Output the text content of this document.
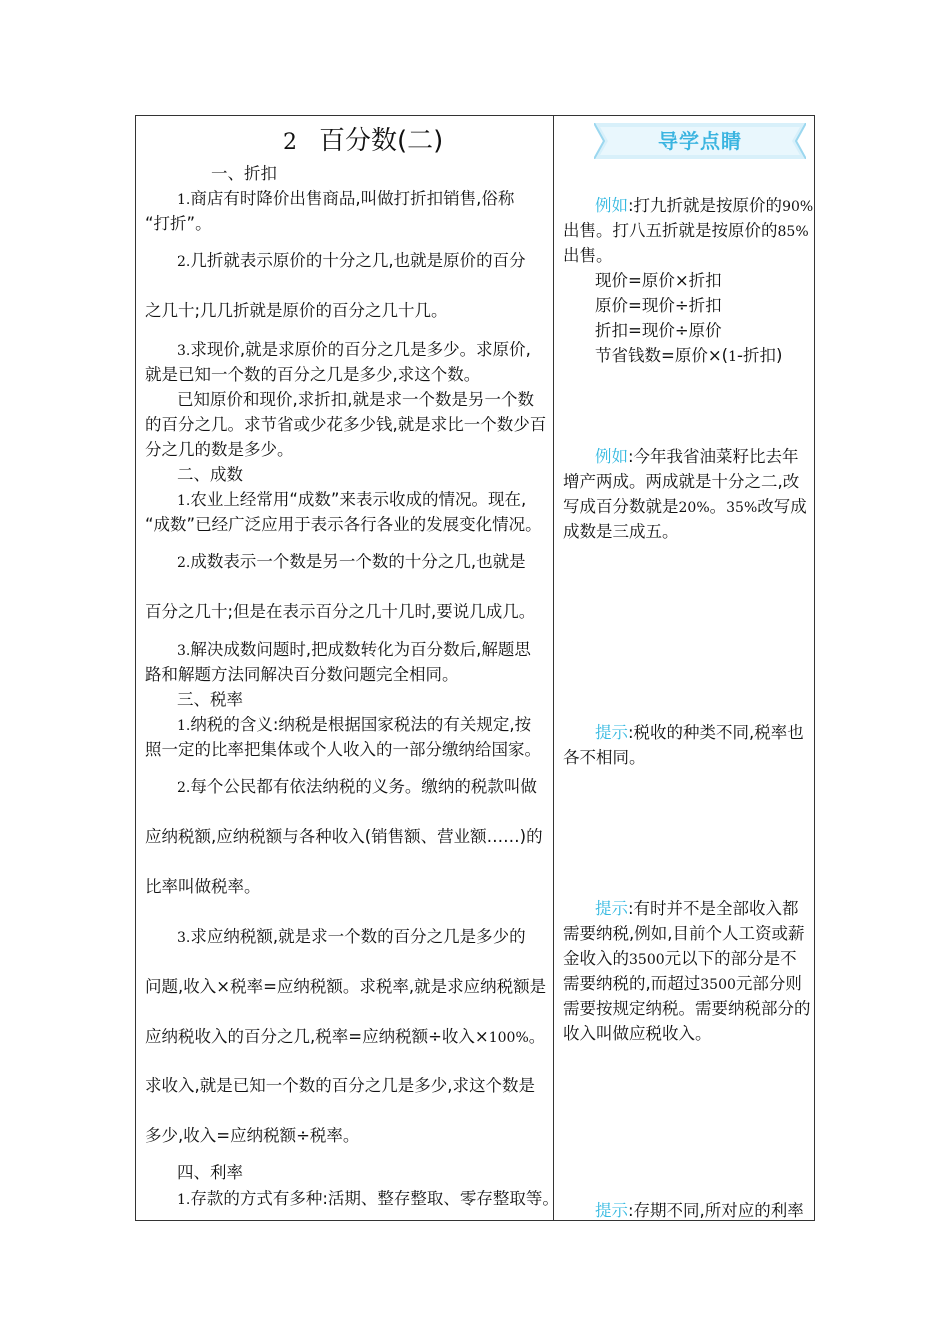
2 百分数(二)	导学点睛
一、折扣
1.商店有时降价出售商品,叫做打折扣销售,俗称
“打折”。
2.几折就表示原价的十分之几,也就是原价的百分
之几十;几几折就是原价的百分之几十几。
3.求现价,就是求原价的百分之几是多少。求原价,
就是已知一个数的百分之几是多少,求这个数。
已知原价和现价,求折扣,就是求一个数是另一个数
的百分之几。求节省或少花多少钱,就是求比一个数少百
分之几的数是多少。
二、成数
1.农业上经常用“成数”来表示收成的情况。现在,
“成数”已经广泛应用于表示各行各业的发展变化情况。
2.成数表示一个数是另一个数的十分之几,也就是
百分之几十;但是在表示百分之几十几时,要说几成几。
3.解决成数问题时,把成数转化为百分数后,解题思
路和解题方法同解决百分数问题完全相同。
三、税率
1.纳税的含义:纳税是根据国家税法的有关规定,按
照一定的比率把集体或个人收入的一部分缴纳给国家。
2.每个公民都有依法纳税的义务。缴纳的税款叫做
应纳税额,应纳税额与各种收入(销售额、营业额……)的
比率叫做税率。
3.求应纳税额,就是求一个数的百分之几是多少的
问题,收入×税率=应纳税额。求税率,就是求应纳税额是
应纳税收入的百分之几,税率=应纳税额÷收入×100%。
求收入,就是已知一个数的百分之几是多少,求这个数是
多少,收入=应纳税额÷税率。
四、利率
1.存款的方式有多种:活期、整存整取、零存整取等。
例如:打九折就是按原价的90%
出售。打八五折就是按原价的85%
出售。
现价=原价×折扣
原价=现价÷折扣
折扣=现价÷原价
节省钱数=原价×(1-折扣)
例如:今年我省油菜籽比去年
增产两成。两成就是十分之二,改
写成百分数就是20%。35%改写成
成数是三成五。
提示:税收的种类不同,税率也
各不相同。
提示:有时并不是全部收入都
需要纳税,例如,目前个人工资或薪
金收入的3500元以下的部分是不
需要纳税的,而超过3500元部分则
需要按规定纳税。需要纳税部分的
收入叫做应税收入。
提示:存期不同,所对应的利率
